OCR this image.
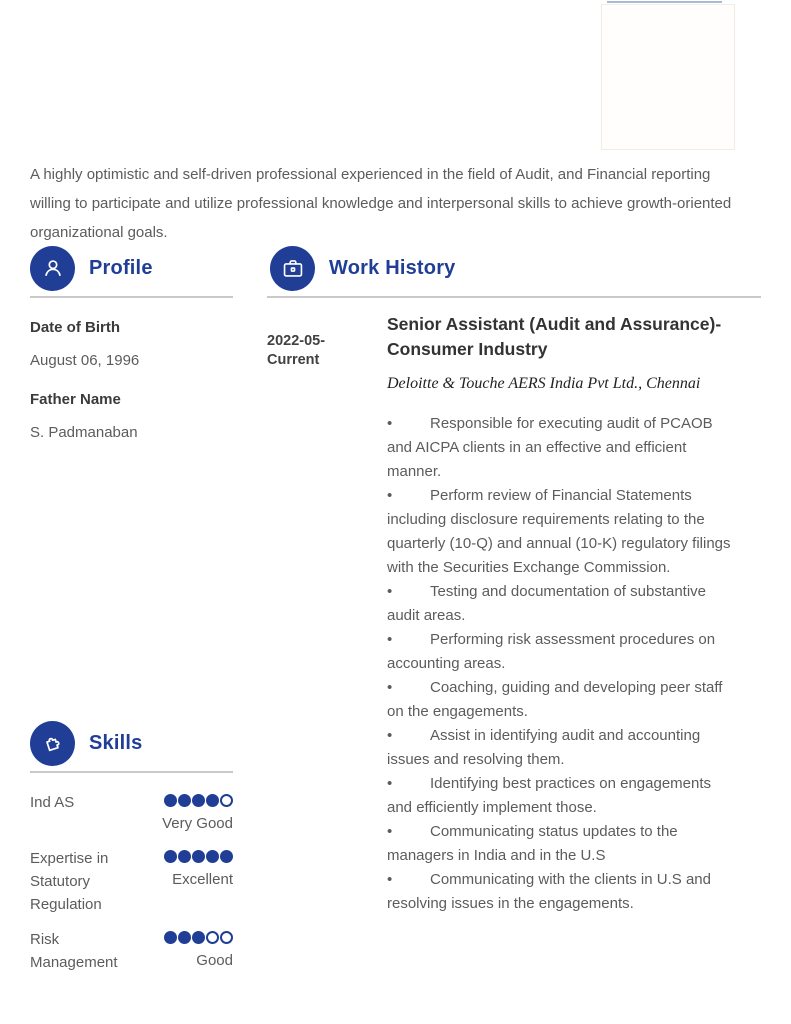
A highly optimistic and self-driven professional experienced in the field of Audit, and Financial reporting
willing to participate and utilize professional knowledge and interpersonal skills to achieve growth-oriented
organizational goals.
Profile
Date of Birth
August 06, 1996
Father Name
S. Padmanaban
Skills
Ind AS
Very Good
Expertise in
Statutory
Regulation
Excellent
Risk
Management	Good
Work History
2022-05-
Current
Senior Assistant (Audit and Assurance)-
Consumer Industry
Deloitte & Touche AERS India Pvt Ltd., Chennai
•	Responsible for executing audit of PCAOB
and AICPA clients in an effective and efficient
manner.
•	Perform review of Financial Statements
including disclosure requirements relating to the
quarterly (10-Q) and annual (10-K) regulatory filings
with the Securities Exchange Commission.
•	Testing and documentation of substantive
audit areas.
•	Performing risk assessment procedures on
accounting areas.
•	Coaching, guiding and developing peer staff
on the engagements.
•	Assist in identifying audit and accounting
issues and resolving them.
•	Identifying best practices on engagements
and efficiently implement those.
•	Communicating status updates to the
managers in India and in the U.S
•	Communicating with the clients in U.S and
resolving issues in the engagements.
